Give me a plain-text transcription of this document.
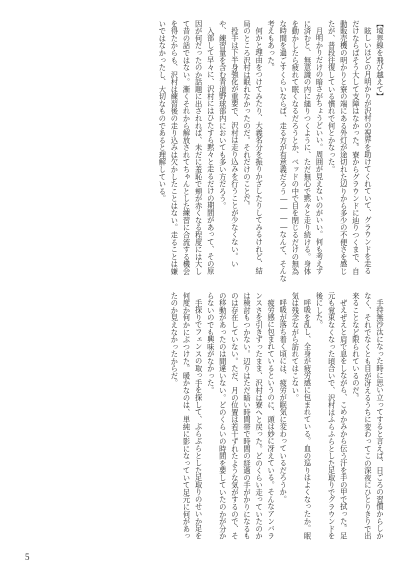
【境界線を飛び越えて】

眩しいほどの月明かりが沢村の視界を助けてくれていて、グラウンドを走るだけならばそう大して支障はなかった。寮からグラウンドに辿りつくまで、自動販売機の明かりと寮の端にある外灯が途切れた辺りから多少の不便さを感じたが、普段往復している慣れで何とかなった。

月明かりだけの暗さがちょうどいい。周囲が見えないのがいい。何も考えずに済むと、無意識の内に縋りつくように、ただ無心で黙々と走り続ける。身体を動かしたら疲れて眠くなるだろうとか、ベッドの中で目を閉じるだけの無為な時間を過ごすくらいならば、走る方が有意義だろう――――なんて、そんな考えもあった。

何かと理由をつけてみたり、大義名分を振りかざしたりしてみるけれど、結局のところ沢村は眠れなかったのだ。それだけのことだ。

投手は下半身強化が重要で、沢村は走り込みを行うことが少なくない。いや、練習量を含む青道野球部内においても多い方だろう。

入部して早々に、沢村にはひたすら黙々と走るだけの期間があって、その原因が何だったのか話題に出されれば、未だに羞恥で頬が赤くなる程度には大して昔の話ではない。漸くそれから解放されてちゃんとした練習に合流する機会を得たからも、沢村は練習後の走り込みは欠かしたことはない。走ることは嫌いではなかったし、大切なものであると理解している。

手持無沙汰になった時に思い立ってすると言えば、日ごろの習慣からしかなく、それでなくとも目が冴えるうちに変わってこの深夜にひとりきりで出来ることなど限られているのだ。

ぜえぜえと肩で息をしながら、こめかみから伝う汗を手の甲で拭った。足元も覚束なくなった頃合いで、沢村はふらふらとした足取りでグラウンドを後にした。

呼吸を乱し、全身が疲労感に包まれている。血の巡りはよくなったか。眠気は残念ながら訪れてはこない。

呼吸が落ち着く頃には、疲労が眠気に変わっているだろうか。

疲労感に包まれているというのに、頭は妙に冴えている。そんなアンバランスさを引きずったまま、沢村は寮へと戻った。どのくらい走っていたのかは検討もつかない。辺りはただ暗い時間帯で時間の経過の手がかりになるものは存在していない。ただ、月の位置は若干ずれたような気がするので、その移動があったのは間違いない。どのくらいの時間を要していたのかが分からないのでも興味がなかった。

手探りでフェンスの取っ手を探して、ぶらぶらとした足取りのせいか足を何度か何かにぶつけた。暖かなのは、単純に影になっていて足元に何があったのか見えなかったからだ。

5
